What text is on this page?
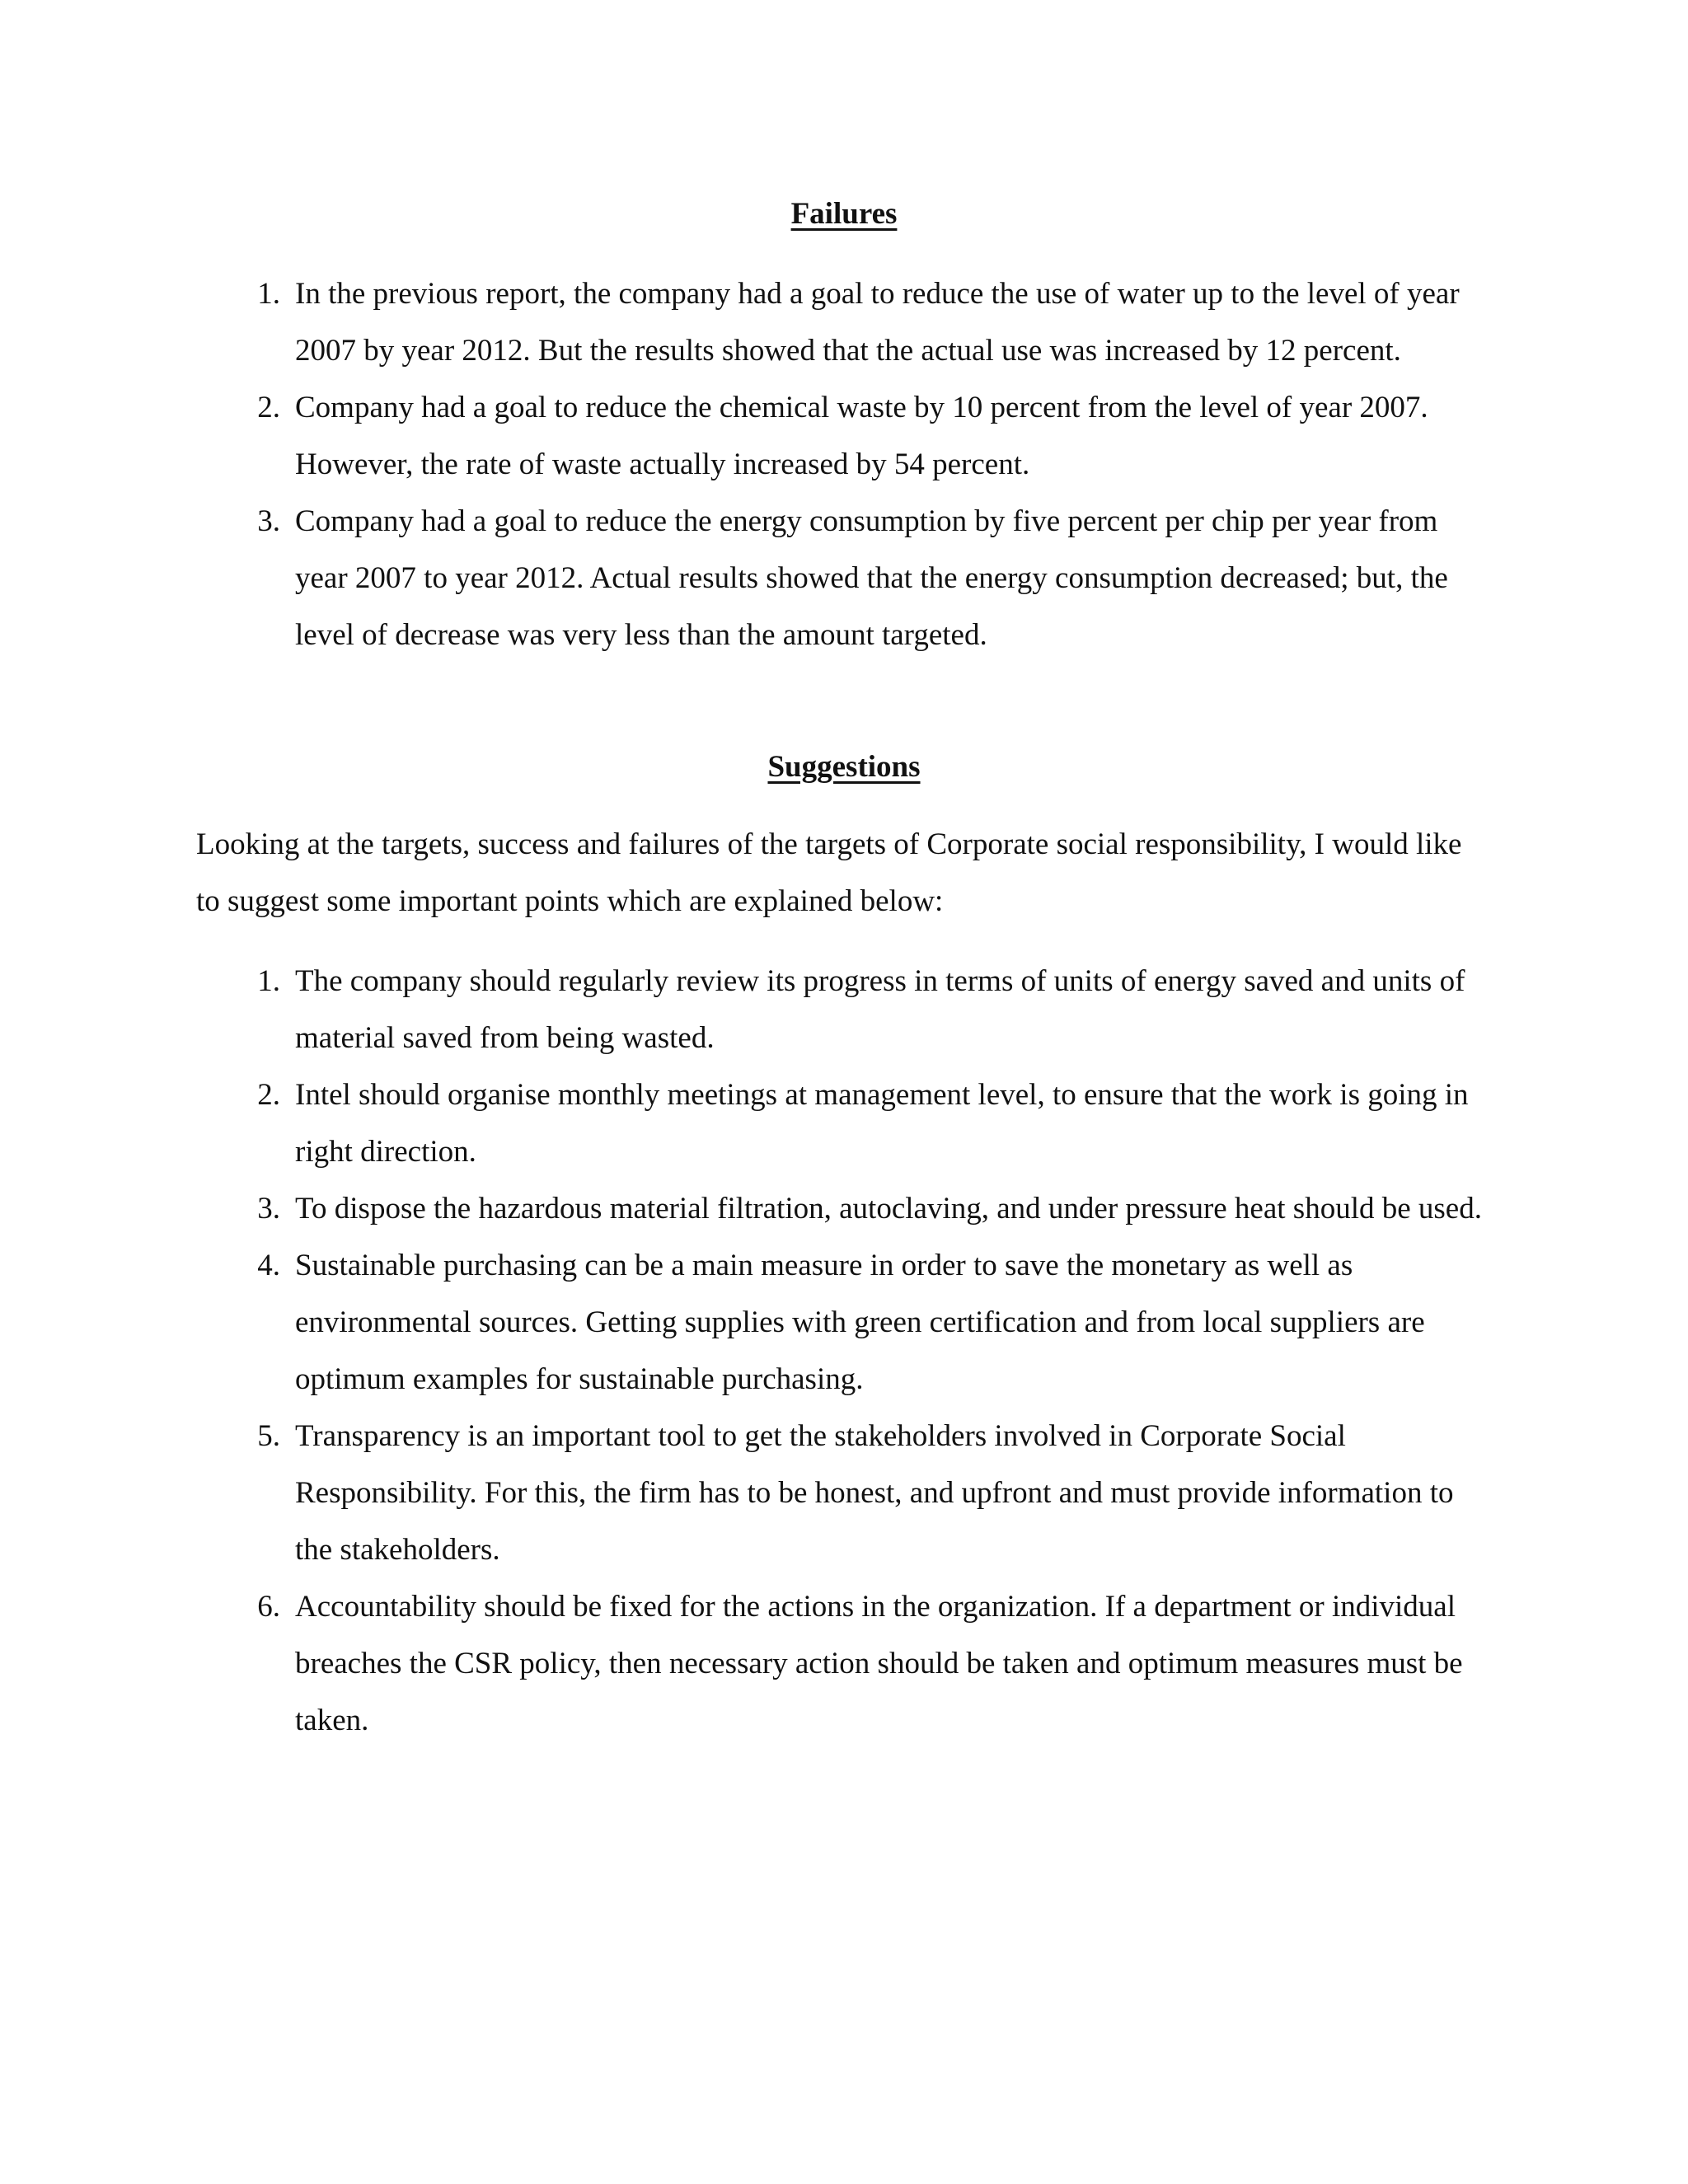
Failures
1. In the previous report, the company had a goal to reduce the use of water up to the level of year 2007 by year 2012. But the results showed that the actual use was increased by 12 percent.
2. Company had a goal to reduce the chemical waste by 10 percent from the level of year 2007. However, the rate of waste actually increased by 54 percent.
3. Company had a goal to reduce the energy consumption by five percent per chip per year from year 2007 to year 2012. Actual results showed that the energy consumption decreased; but, the level of decrease was very less than the amount targeted.
Suggestions

Looking at the targets, success and failures of the targets of Corporate social responsibility, I would like to suggest some important points which are explained below:

1. The company should regularly review its progress in terms of units of energy saved and units of material saved from being wasted.
2. Intel should organise monthly meetings at management level, to ensure that the work is going in right direction.
3. To dispose the hazardous material filtration, autoclaving, and under pressure heat should be used.
4. Sustainable purchasing can be a main measure in order to save the monetary as well as environmental sources. Getting supplies with green certification and from local suppliers are optimum examples for sustainable purchasing.
5. Transparency is an important tool to get the stakeholders involved in Corporate Social Responsibility. For this, the firm has to be honest, and upfront and must provide information to the stakeholders.
6. Accountability should be fixed for the actions in the organization. If a department or individual breaches the CSR policy, then necessary action should be taken and optimum measures must be taken.
